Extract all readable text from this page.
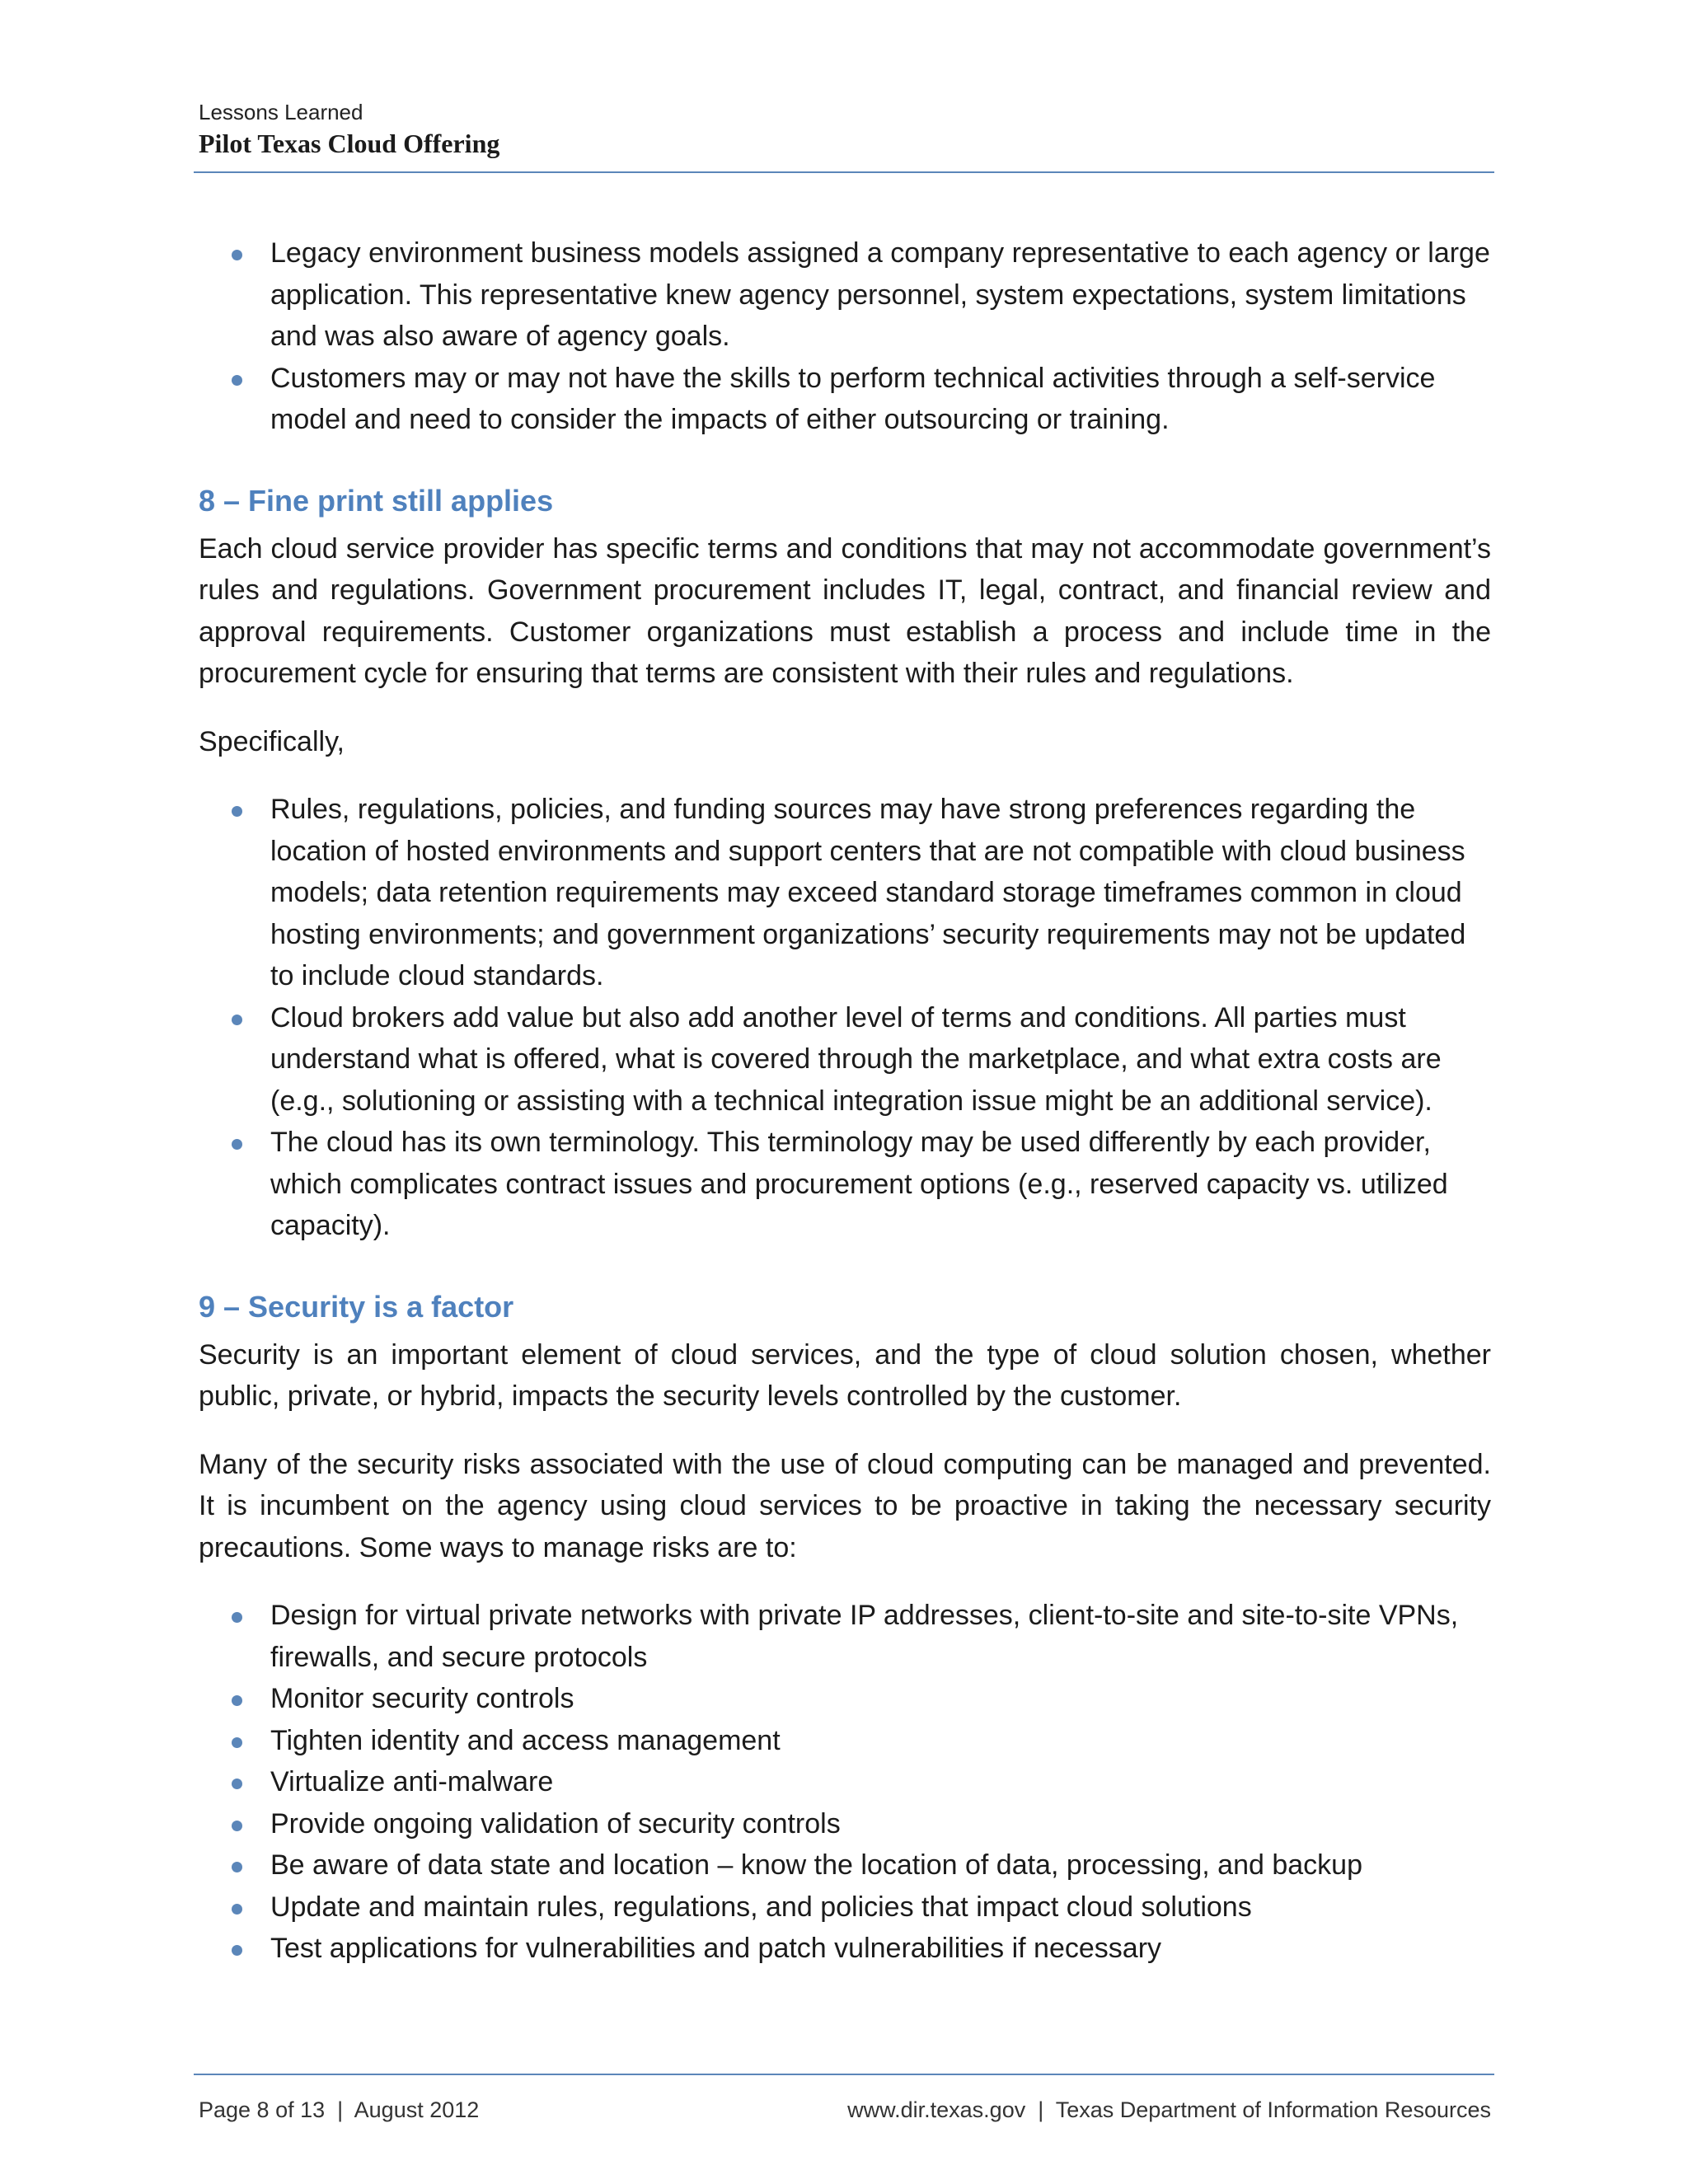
Lessons Learned
Pilot Texas Cloud Offering
Legacy environment business models assigned a company representative to each agency or large application. This representative knew agency personnel, system expectations, system limitations and was also aware of agency goals.
Customers may or may not have the skills to perform technical activities through a self-service model and need to consider the impacts of either outsourcing or training.
8 – Fine print still applies

Each cloud service provider has specific terms and conditions that may not accommodate government’s rules and regulations. Government procurement includes IT, legal, contract, and financial review and approval requirements. Customer organizations must establish a process and include time in the procurement cycle for ensuring that terms are consistent with their rules and regulations.

Specifically,

Rules, regulations, policies, and funding sources may have strong preferences regarding the location of hosted environments and support centers that are not compatible with cloud business models; data retention requirements may exceed standard storage timeframes common in cloud hosting environments; and government organizations’ security requirements may not be updated to include cloud standards.
Cloud brokers add value but also add another level of terms and conditions. All parties must understand what is offered, what is covered through the marketplace, and what extra costs are (e.g., solutioning or assisting with a technical integration issue might be an additional service).
The cloud has its own terminology. This terminology may be used differently by each provider, which complicates contract issues and procurement options (e.g., reserved capacity vs. utilized capacity).
9 – Security is a factor

Security is an important element of cloud services, and the type of cloud solution chosen, whether public, private, or hybrid, impacts the security levels controlled by the customer.

Many of the security risks associated with the use of cloud computing can be managed and prevented. It is incumbent on the agency using cloud services to be proactive in taking the necessary security precautions. Some ways to manage risks are to:

Design for virtual private networks with private IP addresses, client-to-site and site-to-site VPNs, firewalls, and secure protocols
Monitor security controls
Tighten identity and access management
Virtualize anti-malware
Provide ongoing validation of security controls
Be aware of data state and location – know the location of data, processing, and backup
Update and maintain rules, regulations, and policies that impact cloud solutions
Test applications for vulnerabilities and patch vulnerabilities if necessary
Page 8 of 13  |  August 2012	www.dir.texas.gov  |  Texas Department of Information Resources
